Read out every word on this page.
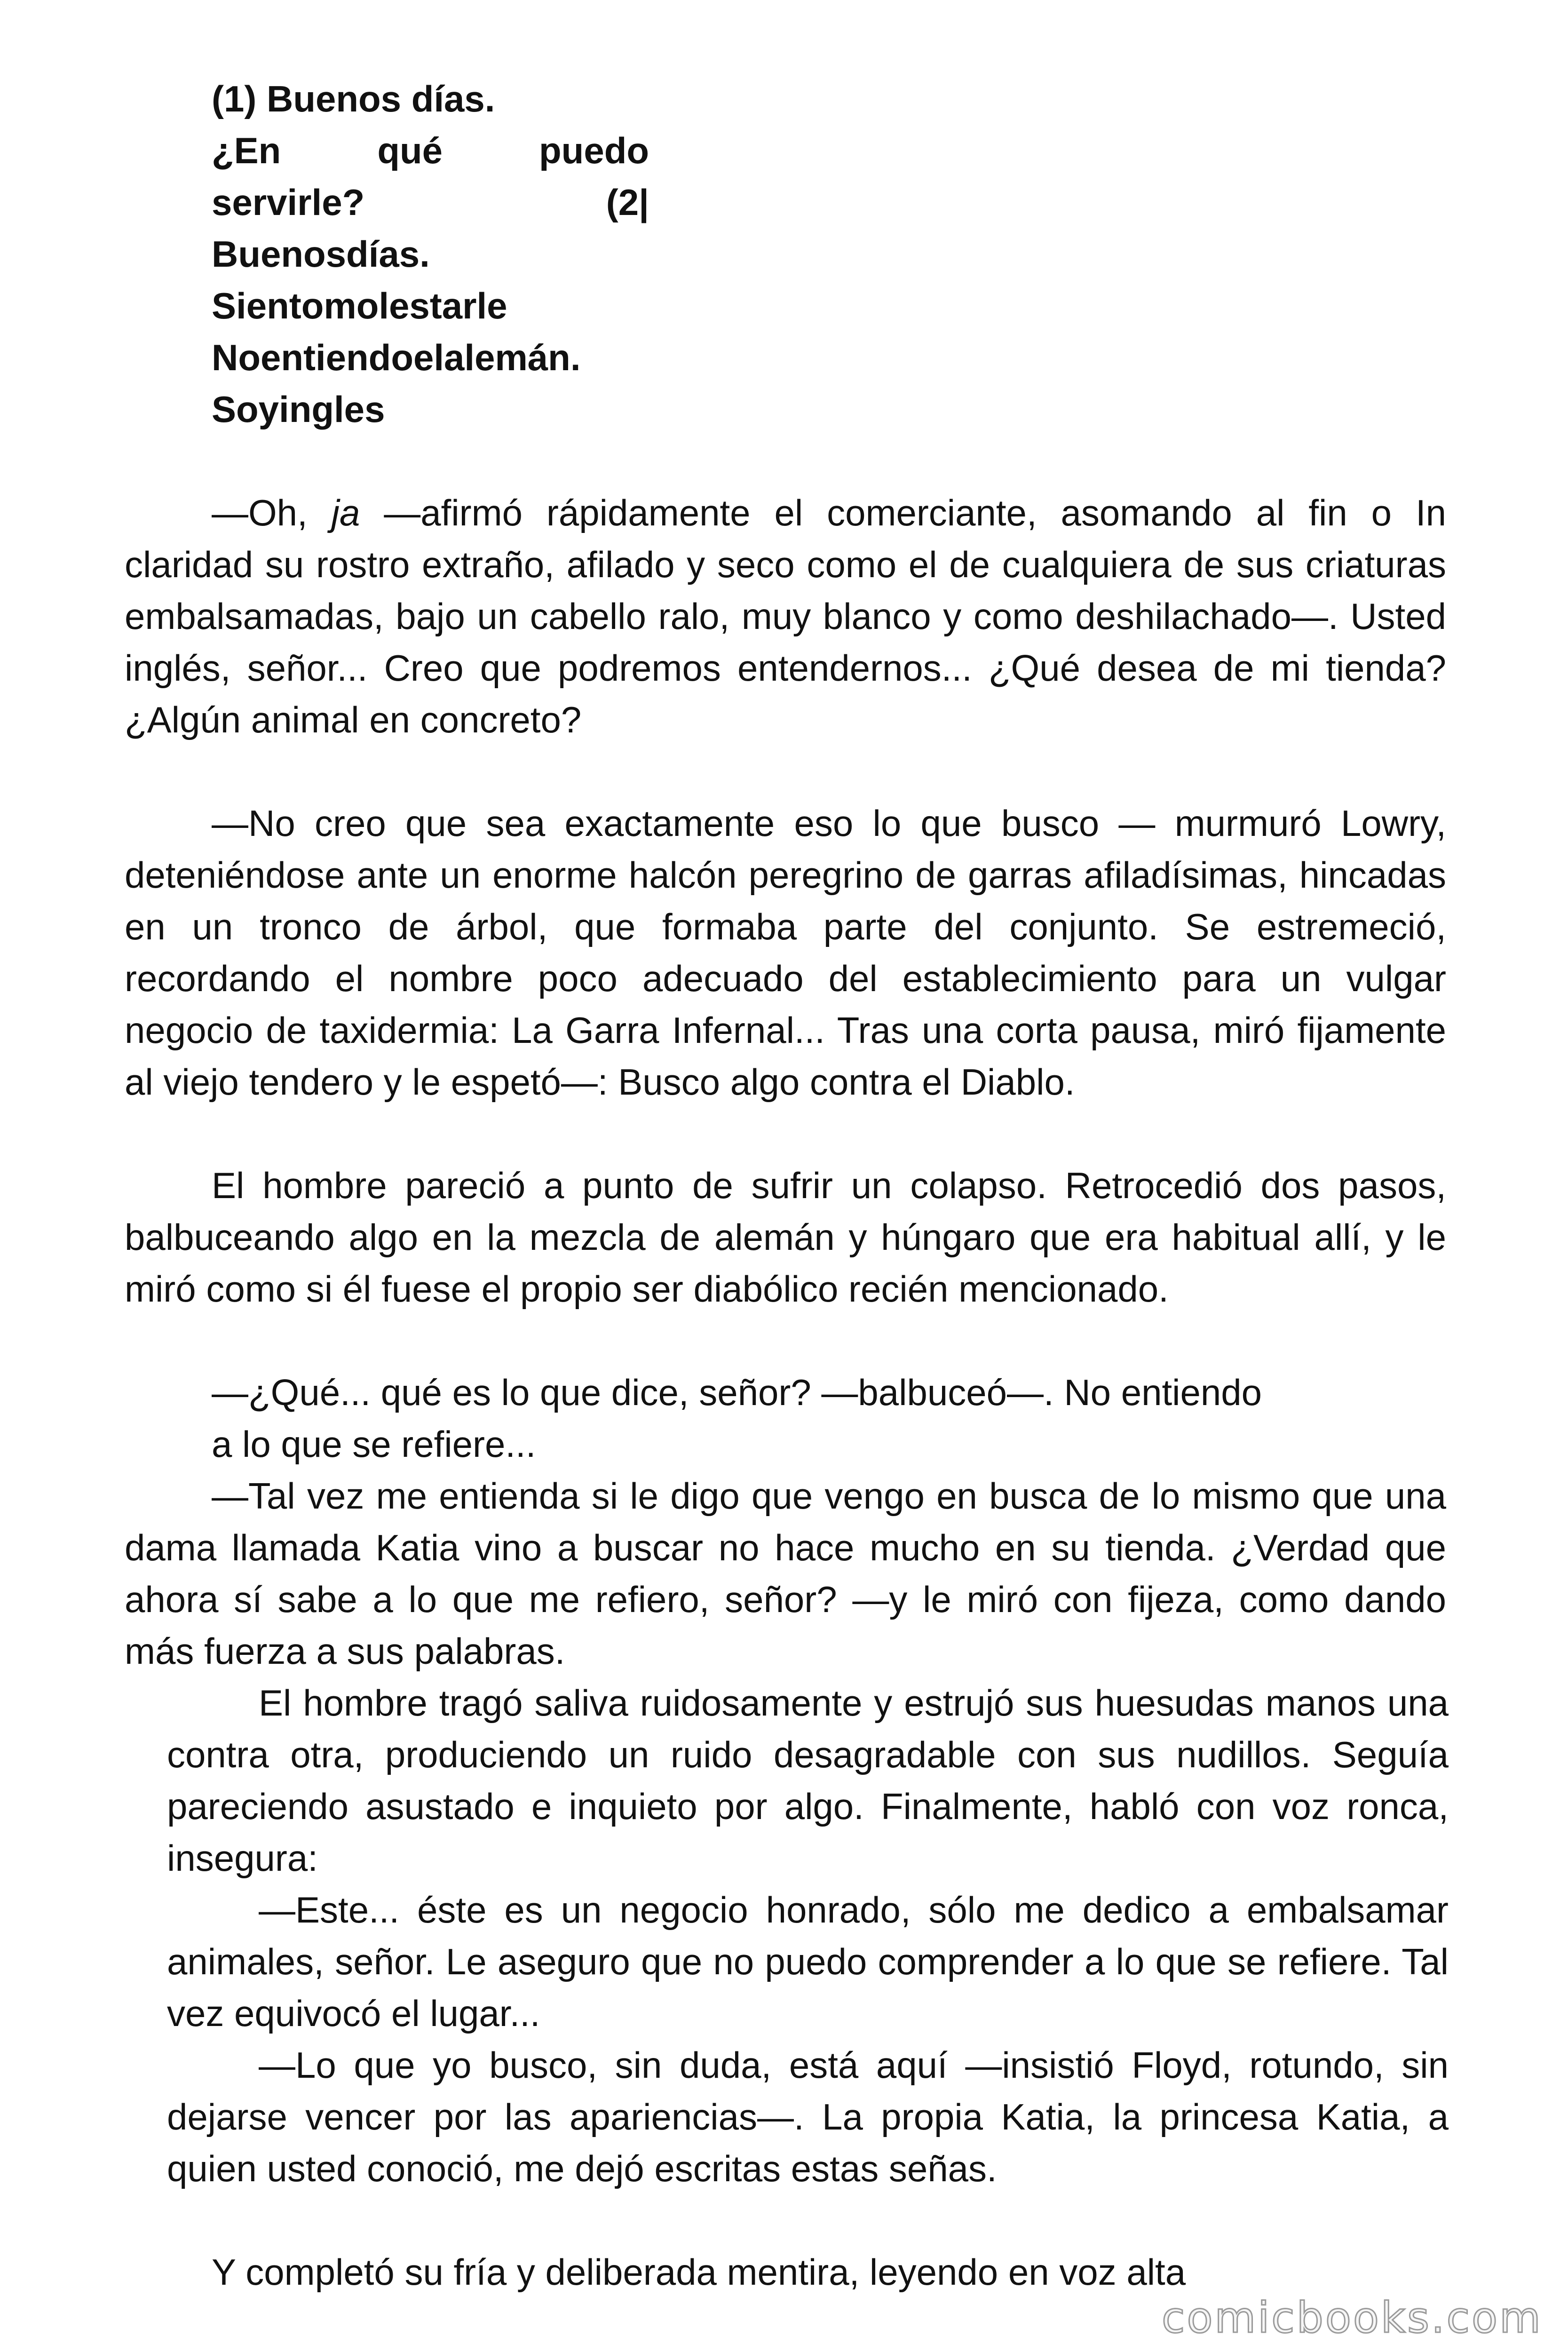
(1) Buenos días.
¿En qué puedo
servirle? (2|
Buenosdías.
Sientomolestarle
Noentiendoelalemán.
Soyingles

—Oh, ja —afirmó rápidamente el comerciante, asomando al fin o In claridad su rostro extraño, afilado y seco como el de cualquiera de sus criaturas embalsamadas, bajo un cabello ralo, muy blanco y como deshilachado—. Usted inglés, señor... Creo que podremos entendernos... ¿Qué desea de mi tienda? ¿Algún animal en concreto?

—No creo que sea exactamente eso lo que busco — murmuró Lowry, deteniéndose ante un enorme halcón peregrino de garras afiladísimas, hincadas en un tronco de árbol, que formaba parte del conjunto. Se estremeció, recordando el nombre poco adecuado del establecimiento para un vulgar negocio de taxidermia: La Garra Infernal... Tras una corta pausa, miró fijamente al viejo tendero y le espetó—: Busco algo contra el Diablo.

El hombre pareció a punto de sufrir un colapso. Retrocedió dos pasos, balbuceando algo en la mezcla de alemán y húngaro que era habitual allí, y le miró como si él fuese el propio ser diabólico recién mencionado.

—¿Qué... qué es lo que dice, señor? —balbuceó—. No entiendo

a lo que se refiere...

—Tal vez me entienda si le digo que vengo en busca de lo mismo que una dama llamada Katia vino a buscar no hace mucho en su tienda. ¿Verdad que ahora sí sabe a lo que me refiero, señor? —y le miró con fijeza, como dando más fuerza a sus palabras.

El hombre tragó saliva ruidosamente y estrujó sus huesudas manos una contra otra, produciendo un ruido desagradable con sus nudillos. Seguía pareciendo asustado e inquieto por algo. Finalmente, habló con voz ronca, insegura:

—Este... éste es un negocio honrado, sólo me dedico a embalsamar animales, señor. Le aseguro que no puedo comprender a lo que se refiere. Tal vez equivocó el lugar...

—Lo que yo busco, sin duda, está aquí —insistió Floyd, rotundo, sin dejarse vencer por las apariencias—. La propia Katia, la princesa Katia, a quien usted conoció, me dejó escritas estas señas.

Y completó su fría y deliberada mentira, leyendo en voz alta

comicbooks.com
